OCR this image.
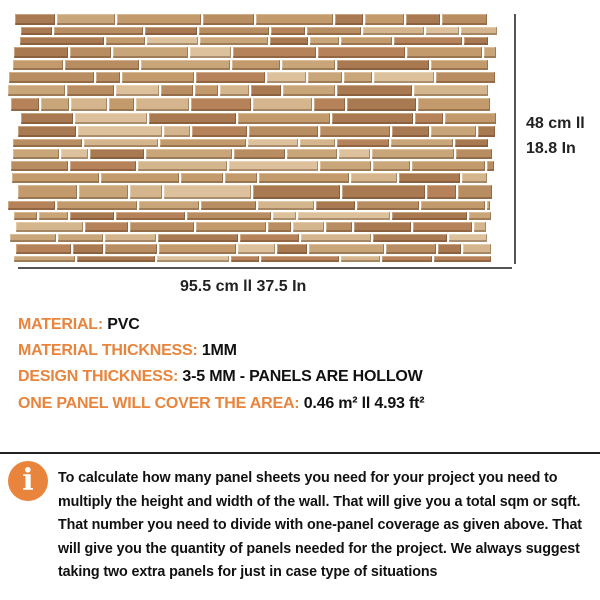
48 cm ll
18.8 In
95.5 cm ll 37.5 In
MATERIAL: PVC
MATERIAL THICKNESS: 1MM
DESIGN THICKNESS: 3-5 MM - PANELS ARE HOLLOW
ONE PANEL WILL COVER THE AREA: 0.46 m² ll 4.93 ft²
i	To calculate how many panel sheets you need for your project you need to multiply the height and width of the wall. That will give you a total sqm or sqft. That number you need to divide with one-panel coverage as given above. That will give you the quantity of panels needed for the project. We always suggest taking two extra panels for just in case type of situations
